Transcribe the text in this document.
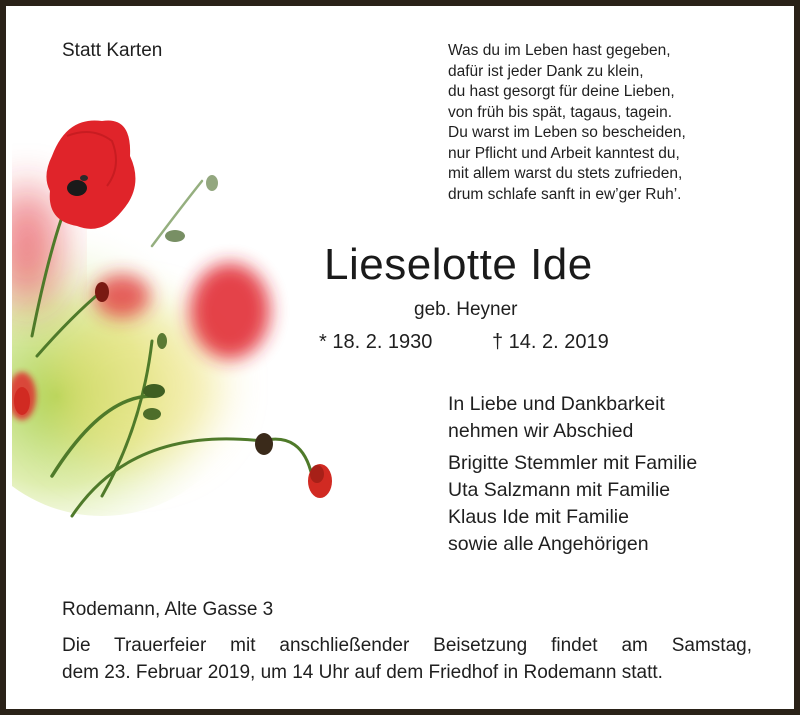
Statt Karten	Was du im Leben hast gegeben,
dafür ist jeder Dank zu klein,
du hast gesorgt für deine Lieben,
von früh bis spät, tagaus, tagein.
Du warst im Leben so bescheiden,
nur Pflicht und Arbeit kanntest du,
mit allem warst du stets zufrieden,
drum schlafe sanft in ew’ger Ruh’.
Lieselotte Ide
geb. Heyner
* 18. 2. 1930	† 14. 2. 2019
In Liebe und Dankbarkeit
nehmen wir Abschied
Brigitte Stemmler mit Familie
Uta Salzmann mit Familie
Klaus Ide mit Familie
sowie alle Angehörigen
Rodemann, Alte Gasse 3
Die Trauerfeier mit anschließender Beisetzung findet am Samstag,
dem 23. Februar 2019, um 14 Uhr auf dem Friedhof in Rodemann statt.
